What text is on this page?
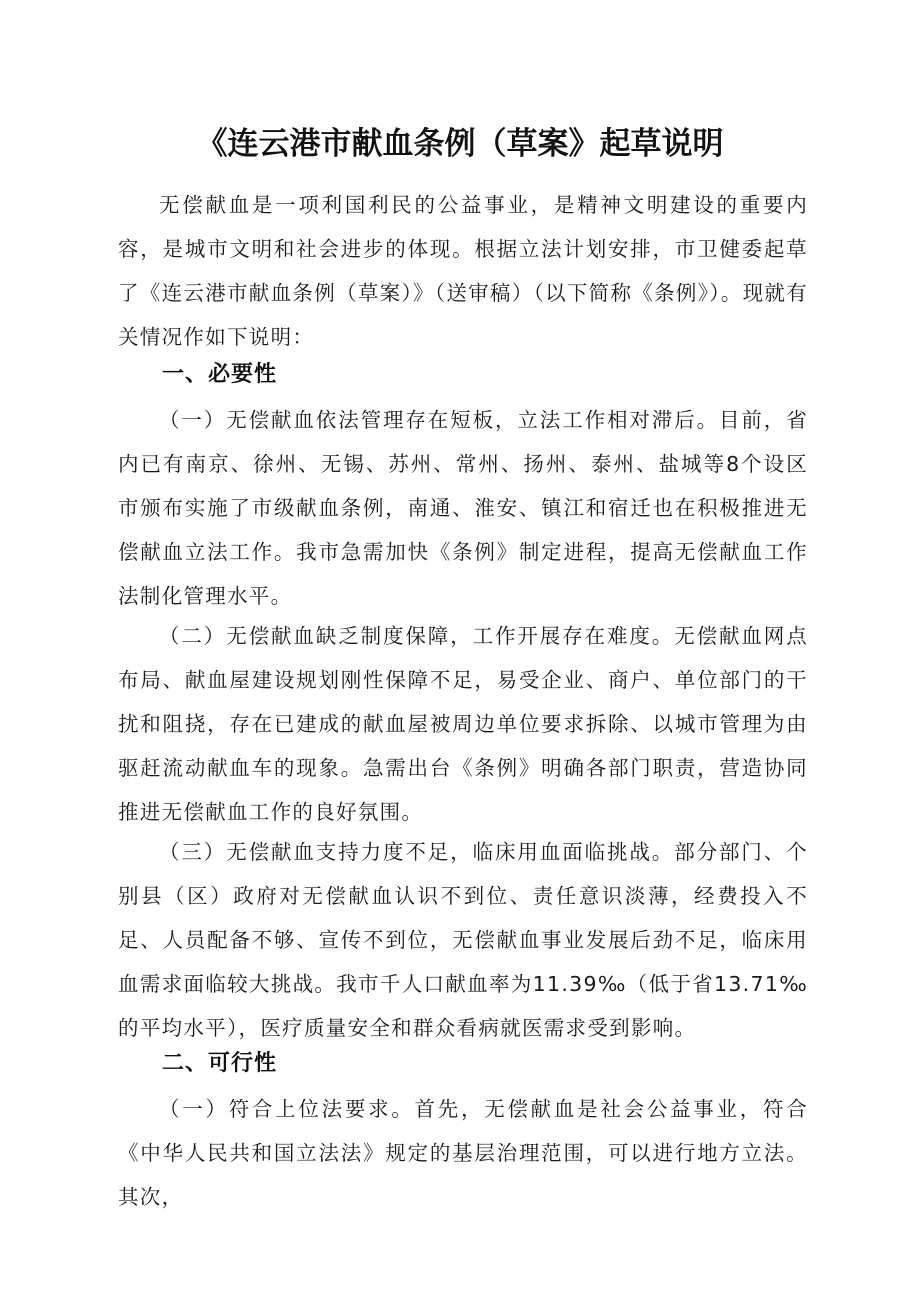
《连云港市献血条例（草案》起草说明
无偿献血是一项利国利民的公益事业，是精神文明建设的重要内容，是城市文明和社会进步的体现。根据立法计划安排，市卫健委起草了《连云港市献血条例（草案）》（送审稿）（以下简称《条例》）。现就有关情况作如下说明：
一、必要性
（一）无偿献血依法管理存在短板，立法工作相对滞后。目前，省内已有南京、徐州、无锡、苏州、常州、扬州、泰州、盐城等8个设区市颁布实施了市级献血条例，南通、淮安、镇江和宿迁也在积极推进无偿献血立法工作。我市急需加快《条例》制定进程，提高无偿献血工作法制化管理水平。
（二）无偿献血缺乏制度保障，工作开展存在难度。无偿献血网点布局、献血屋建设规划刚性保障不足，易受企业、商户、单位部门的干扰和阻挠，存在已建成的献血屋被周边单位要求拆除、以城市管理为由驱赶流动献血车的现象。急需出台《条例》明确各部门职责，营造协同推进无偿献血工作的良好氛围。
（三）无偿献血支持力度不足，临床用血面临挑战。部分部门、个别县（区）政府对无偿献血认识不到位、责任意识淡薄，经费投入不足、人员配备不够、宣传不到位，无偿献血事业发展后劲不足，临床用血需求面临较大挑战。我市千人口献血率为11.39‰（低于省13.71‰的平均水平），医疗质量安全和群众看病就医需求受到影响。
二、可行性
（一）符合上位法要求。首先，无偿献血是社会公益事业，符合《中华人民共和国立法法》规定的基层治理范围，可以进行地方立法。其次，
